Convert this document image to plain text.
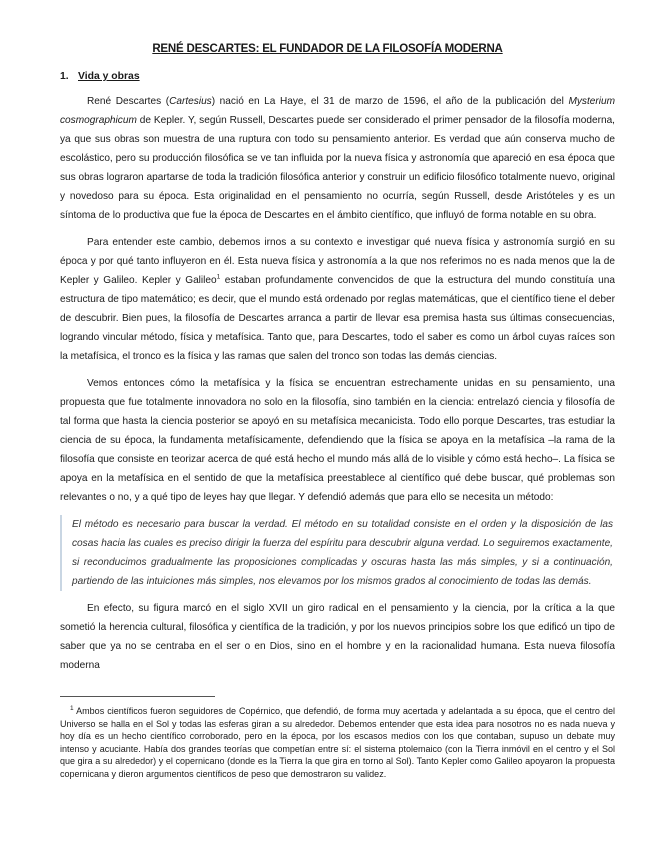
RENÉ DESCARTES: EL FUNDADOR DE LA FILOSOFÍA MODERNA
1. Vida y obras

René Descartes (Cartesius) nació en La Haye, el 31 de marzo de 1596, el año de la publicación del Mysterium cosmographicum de Kepler. Y, según Russell, Descartes puede ser considerado el primer pensador de la filosofía moderna, ya que sus obras son muestra de una ruptura con todo su pensamiento anterior. Es verdad que aún conserva mucho de escolástico, pero su producción filosófica se ve tan influida por la nueva física y astronomía que apareció en esa época que sus obras lograron apartarse de toda la tradición filosófica anterior y construir un edificio filosófico totalmente nuevo, original y novedoso para su época. Esta originalidad en el pensamiento no ocurría, según Russell, desde Aristóteles y es un síntoma de lo productiva que fue la época de Descartes en el ámbito científico, que influyó de forma notable en su obra.

Para entender este cambio, debemos irnos a su contexto e investigar qué nueva física y astronomía surgió en su época y por qué tanto influyeron en él. Esta nueva física y astronomía a la que nos referimos no es nada menos que la de Kepler y Galileo. Kepler y Galileo$^1$ estaban profundamente convencidos de que la estructura del mundo constituía una estructura de tipo matemático; es decir, que el mundo está ordenado por reglas matemáticas, que el científico tiene el deber de descubrir. Bien pues, la filosofía de Descartes arranca a partir de llevar esa premisa hasta sus últimas consecuencias, logrando vincular método, física y metafísica. Tanto que, para Descartes, todo el saber es como un árbol cuyas raíces son la metafísica, el tronco es la física y las ramas que salen del tronco son todas las demás ciencias.

Vemos entonces cómo la metafísica y la física se encuentran estrechamente unidas en su pensamiento, una propuesta que fue totalmente innovadora no solo en la filosofía, sino también en la ciencia: entrelazó ciencia y filosofía de tal forma que hasta la ciencia posterior se apoyó en su metafísica mecanicista. Todo ello porque Descartes, tras estudiar la ciencia de su época, la fundamenta metafísicamente, defendiendo que la física se apoya en la metafísica –la rama de la filosofía que consiste en teorizar acerca de qué está hecho el mundo más allá de lo visible y cómo está hecho–. La física se apoya en la metafísica en el sentido de que la metafísica preestablece al científico qué debe buscar, qué problemas son relevantes o no, y a qué tipo de leyes hay que llegar. Y defendió además que para ello se necesita un método:

El método es necesario para buscar la verdad. El método en su totalidad consiste en el orden y la disposición de las cosas hacia las cuales es preciso dirigir la fuerza del espíritu para descubrir alguna verdad. Lo seguiremos exactamente, si reconducimos gradualmente las proposiciones complicadas y oscuras hasta las más simples, y si a continuación, partiendo de las intuiciones más simples, nos elevamos por los mismos grados al conocimiento de todas las demás.

En efecto, su figura marcó en el siglo XVII un giro radical en el pensamiento y la ciencia, por la crítica a la que sometió la herencia cultural, filosófica y científica de la tradición, y por los nuevos principios sobre los que edificó un tipo de saber que ya no se centraba en el ser o en Dios, sino en el hombre y en la racionalidad humana. Esta nueva filosofía moderna

$^1$ Ambos científicos fueron seguidores de Copérnico, que defendió, de forma muy acertada y adelantada a su época, que el centro del Universo se halla en el Sol y todas las esferas giran a su alrededor. Debemos entender que esta idea para nosotros no es nada nueva y hoy día es un hecho científico corroborado, pero en la época, por los escasos medios con los que contaban, supuso un debate muy intenso y acuciante. Había dos grandes teorías que competían entre sí: el sistema ptolemaico (con la Tierra inmóvil en el centro y el Sol que gira a su alrededor) y el copernicano (donde es la Tierra la que gira en torno al Sol). Tanto Kepler como Galileo apoyaron la propuesta copernicana y dieron argumentos científicos de peso que demostraron su validez.
